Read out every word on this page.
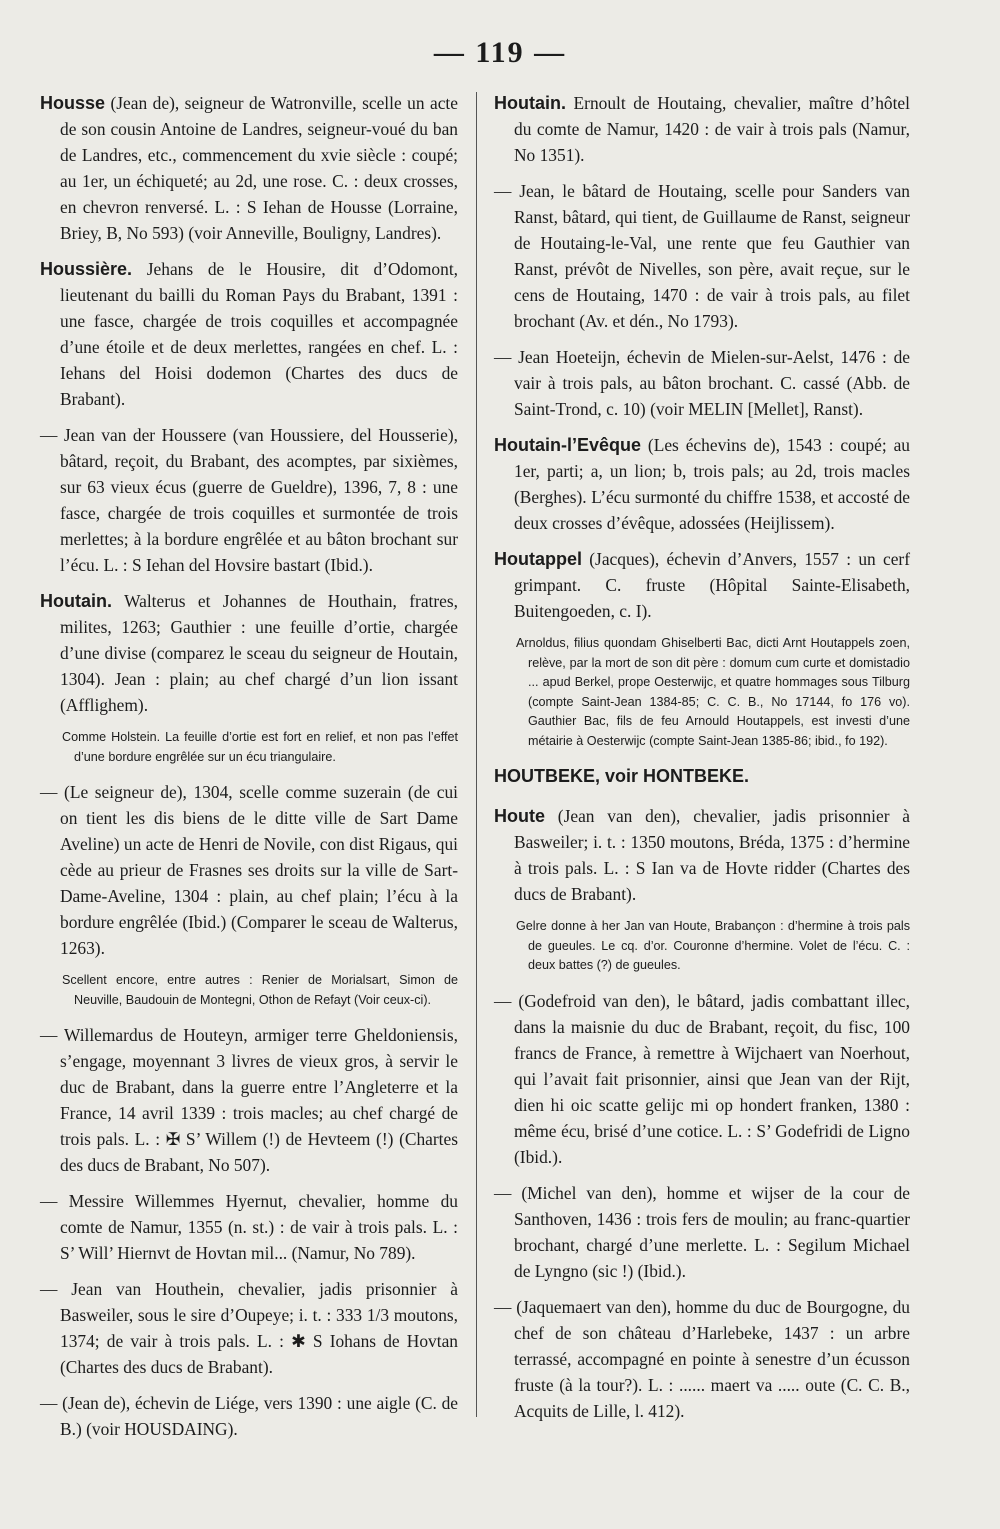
— 119 —

Housse (Jean de), seigneur de Watronville, scelle un acte de son cousin Antoine de Landres, seigneur-voué du ban de Landres, etc., commencement du xvie siècle : coupé; au 1er, un échiqueté; au 2d, une rose. C. : deux crosses, en chevron renversé. L. : S Iehan de Housse (Lorraine, Briey, B, No 593) (voir Anneville, Bouligny, Landres).

Houssière. Jehans de le Housire, dit d’Odomont, lieutenant du bailli du Roman Pays du Brabant, 1391 : une fasce, chargée de trois coquilles et accompagnée d’une étoile et de deux merlettes, rangées en chef. L. : Iehans del Hoisi dodemon (Chartes des ducs de Brabant).

— Jean van der Houssere (van Houssiere, del Housserie), bâtard, reçoit, du Brabant, des acomptes, par sixièmes, sur 63 vieux écus (guerre de Gueldre), 1396, 7, 8 : une fasce, chargée de trois coquilles et surmontée de trois merlettes; à la bordure engrêlée et au bâton brochant sur l’écu. L. : S Iehan del Hovsire bastart (Ibid.).

Houtain. Walterus et Johannes de Houthain, fratres, milites, 1263; Gauthier : une feuille d’ortie, chargée d’une divise (comparez le sceau du seigneur de Houtain, 1304). Jean : plain; au chef chargé d’un lion issant (Afflighem).

Comme Holstein. La feuille d’ortie est fort en relief, et non pas l’effet d’une bordure engrêlée sur un écu triangulaire.

— (Le seigneur de), 1304, scelle comme suzerain (de cui on tient les dis biens de le ditte ville de Sart Dame Aveline) un acte de Henri de Novile, con dist Rigaus, qui cède au prieur de Frasnes ses droits sur la ville de Sart-Dame-Aveline, 1304 : plain, au chef plain; l’écu à la bordure engrêlée (Ibid.) (Comparer le sceau de Walterus, 1263).

Scellent encore, entre autres : Renier de Morialsart, Simon de Neuville, Baudouin de Montegni, Othon de Refayt (Voir ceux-ci).

— Willemardus de Houteyn, armiger terre Gheldoniensis, s’engage, moyennant 3 livres de vieux gros, à servir le duc de Brabant, dans la guerre entre l’Angleterre et la France, 14 avril 1339 : trois macles; au chef chargé de trois pals. L. : ✠ S’ Willem (!) de Hevteem (!) (Chartes des ducs de Brabant, No 507).

— Messire Willemmes Hyernut, chevalier, homme du comte de Namur, 1355 (n. st.) : de vair à trois pals. L. : S’ Will’ Hiernvt de Hovtan mil... (Namur, No 789).

— Jean van Houthein, chevalier, jadis prisonnier à Basweiler, sous le sire d’Oupeye; i. t. : 333 1/3 moutons, 1374; de vair à trois pals. L. : ✱ S Iohans de Hovtan (Chartes des ducs de Brabant).

— (Jean de), échevin de Liége, vers 1390 : une aigle (C. de B.) (voir HOUSDAING).

Houtain. Ernoult de Houtaing, chevalier, maître d’hôtel du comte de Namur, 1420 : de vair à trois pals (Namur, No 1351).

— Jean, le bâtard de Houtaing, scelle pour Sanders van Ranst, bâtard, qui tient, de Guillaume de Ranst, seigneur de Houtaing-le-Val, une rente que feu Gauthier van Ranst, prévôt de Nivelles, son père, avait reçue, sur le cens de Houtaing, 1470 : de vair à trois pals, au filet brochant (Av. et dén., No 1793).

— Jean Hoeteijn, échevin de Mielen-sur-Aelst, 1476 : de vair à trois pals, au bâton brochant. C. cassé (Abb. de Saint-Trond, c. 10) (voir MELIN [Mellet], Ranst).

Houtain-l’Evêque (Les échevins de), 1543 : coupé; au 1er, parti; a, un lion; b, trois pals; au 2d, trois macles (Berghes). L’écu surmonté du chiffre 1538, et accosté de deux crosses d’évêque, adossées (Heijlissem).

Houtappel (Jacques), échevin d’Anvers, 1557 : un cerf grimpant. C. fruste (Hôpital Sainte-Elisabeth, Buitengoeden, c. I).

Arnoldus, filius quondam Ghiselberti Bac, dicti Arnt Houtappels zoen, relève, par la mort de son dit père : domum cum curte et domistadio ... apud Berkel, prope Oesterwijc, et quatre hommages sous Tilburg (compte Saint-Jean 1384-85; C. C. B., No 17144, fo 176 vo). Gauthier Bac, fils de feu Arnould Houtappels, est investi d’une métairie à Oesterwijc (compte Saint-Jean 1385-86; ibid., fo 192).

HOUTBEKE, voir HONTBEKE.

Houte (Jean van den), chevalier, jadis prisonnier à Basweiler; i. t. : 1350 moutons, Bréda, 1375 : d’hermine à trois pals. L. : S Ian va de Hovte ridder (Chartes des ducs de Brabant).

Gelre donne à her Jan van Houte, Brabançon : d’hermine à trois pals de gueules. Le cq. d’or. Couronne d’hermine. Volet de l’écu. C. : deux battes (?) de gueules.

— (Godefroid van den), le bâtard, jadis combattant illec, dans la maisnie du duc de Brabant, reçoit, du fisc, 100 francs de France, à remettre à Wijchaert van Noerhout, qui l’avait fait prisonnier, ainsi que Jean van der Rijt, dien hi oic scatte gelijc mi op hondert franken, 1380 : même écu, brisé d’une cotice. L. : S’ Godefridi de Ligno (Ibid.).

— (Michel van den), homme et wijser de la cour de Santhoven, 1436 : trois fers de moulin; au franc-quartier brochant, chargé d’une merlette. L. : Segilum Michael de Lyngno (sic !) (Ibid.).

— (Jaquemaert van den), homme du duc de Bourgogne, du chef de son château d’Harlebeke, 1437 : un arbre terrassé, accompagné en pointe à senestre d’un écusson fruste (à la tour?). L. : ...... maert va ..... oute (C. C. B., Acquits de Lille, l. 412).
